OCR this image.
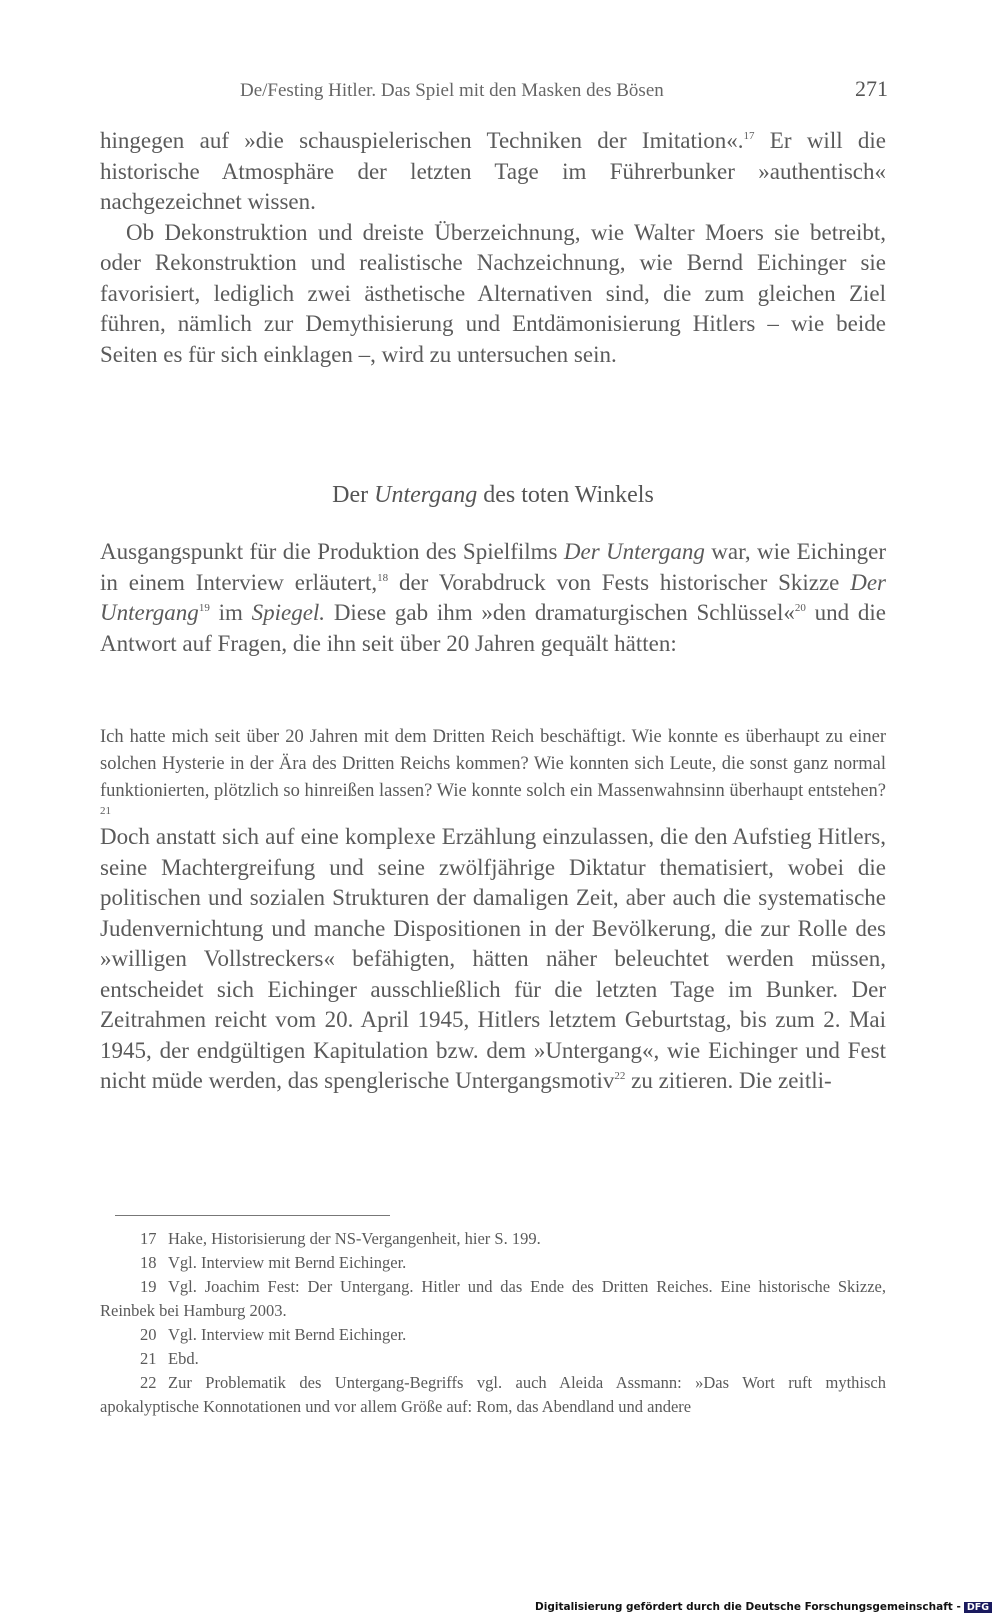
De/Festing Hitler. Das Spiel mit den Masken des Bösen	271

hingegen auf »die schauspielerischen Techniken der Imitation«.$^{17}$ Er will die historische Atmosphäre der letzten Tage im Führerbunker »authentisch« nachgezeichnet wissen.

Ob Dekonstruktion und dreiste Überzeichnung, wie Walter Moers sie betreibt, oder Rekonstruktion und realistische Nachzeichnung, wie Bernd Eichinger sie favorisiert, lediglich zwei ästhetische Alternativen sind, die zum gleichen Ziel führen, nämlich zur Demythisierung und Entdämonisierung Hitlers – wie beide Seiten es für sich einklagen –, wird zu untersuchen sein.

Der Untergang des toten Winkels

Ausgangspunkt für die Produktion des Spielfilms Der Untergang war, wie Eichinger in einem Interview erläutert,$^{18}$ der Vorabdruck von Fests historischer Skizze Der Untergang$^{19}$ im Spiegel. Diese gab ihm »den dramaturgischen Schlüssel«$^{20}$ und die Antwort auf Fragen, die ihn seit über 20 Jahren gequält hätten:

Ich hatte mich seit über 20 Jahren mit dem Dritten Reich beschäftigt. Wie konnte es überhaupt zu einer solchen Hysterie in der Ära des Dritten Reichs kommen? Wie konnten sich Leute, die sonst ganz normal funktionierten, plötzlich so hinreißen lassen? Wie konnte solch ein Massenwahnsinn überhaupt entstehen?$^{21}$

Doch anstatt sich auf eine komplexe Erzählung einzulassen, die den Aufstieg Hitlers, seine Machtergreifung und seine zwölfjährige Diktatur thematisiert, wobei die politischen und sozialen Strukturen der damaligen Zeit, aber auch die systematische Judenvernichtung und manche Dispositionen in der Bevölkerung, die zur Rolle des »willigen Vollstreckers« befähigten, hätten näher beleuchtet werden müssen, entscheidet sich Eichinger ausschließlich für die letzten Tage im Bunker. Der Zeitrahmen reicht vom 20. April 1945, Hitlers letztem Geburtstag, bis zum 2. Mai 1945, der endgültigen Kapitulation bzw. dem »Untergang«, wie Eichinger und Fest nicht müde werden, das spenglerische Untergangsmotiv$^{22}$ zu zitieren. Die zeitli-

17 Hake, Historisierung der NS-Vergangenheit, hier S. 199.

18 Vgl. Interview mit Bernd Eichinger.

19 Vgl. Joachim Fest: Der Untergang. Hitler und das Ende des Dritten Reiches. Eine historische Skizze, Reinbek bei Hamburg 2003.

20 Vgl. Interview mit Bernd Eichinger.

21 Ebd.

22 Zur Problematik des Untergang-Begriffs vgl. auch Aleida Assmann: »Das Wort ruft mythisch apokalyptische Konnotationen und vor allem Größe auf: Rom, das Abendland und andere

Digitalisierung gefördert durch die Deutsche Forschungsgemeinschaft - DFG
